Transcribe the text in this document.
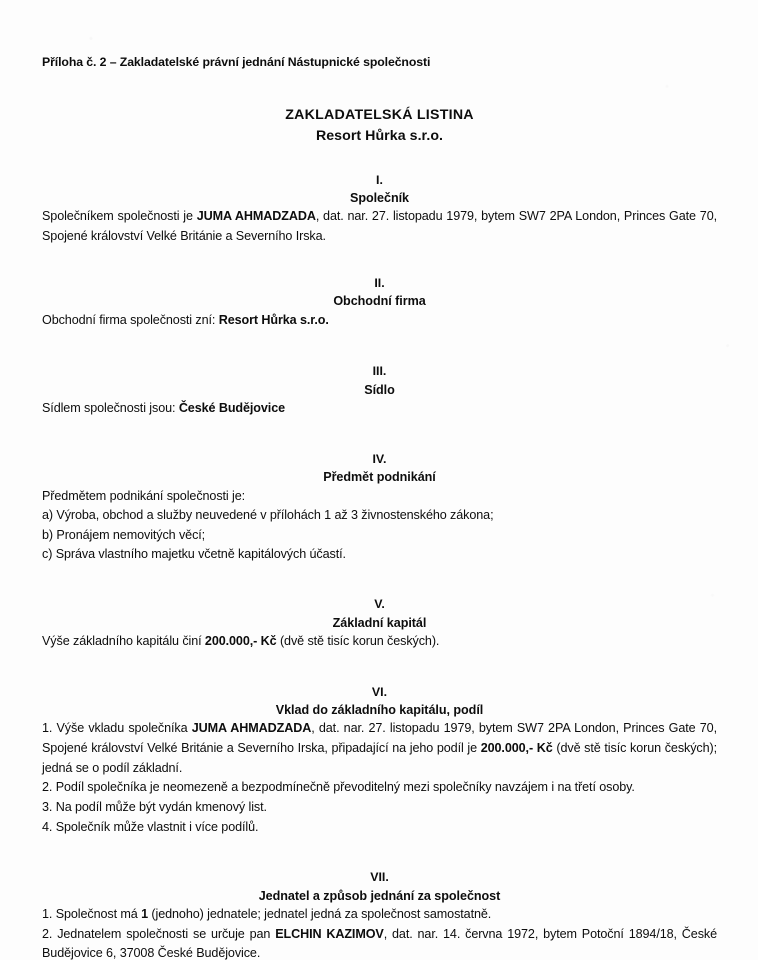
Příloha č. 2 – Zakladatelské právní jednání Nástupnické společnosti
ZAKLADATELSKÁ LISTINA
Resort Hůrka s.r.o.
I.
Společník

Společníkem společnosti je JUMA AHMADZADA, dat. nar. 27. listopadu 1979, bytem SW7 2PA London, Princes Gate 70, Spojené království Velké Británie a Severního Irska.

II.
Obchodní firma

Obchodní firma společnosti zní: Resort Hůrka s.r.o.

III.
Sídlo

Sídlem společnosti jsou: České Budějovice

IV.
Předmět podnikání

Předmětem podnikání společnosti je:

a) Výroba, obchod a služby neuvedené v přílohách 1 až 3 živnostenského zákona;

b) Pronájem nemovitých věcí;

c) Správa vlastního majetku včetně kapitálových účastí.

V.
Základní kapitál

Výše základního kapitálu činí 200.000,- Kč (dvě stě tisíc korun českých).

VI.
Vklad do základního kapitálu, podíl

1. Výše vkladu společníka JUMA AHMADZADA, dat. nar. 27. listopadu 1979, bytem SW7 2PA London, Princes Gate 70, Spojené království Velké Británie a Severního Irska, připadající na jeho podíl je 200.000,- Kč (dvě stě tisíc korun českých); jedná se o podíl základní.

2. Podíl společníka je neomezeně a bezpodmínečně převoditelný mezi společníky navzájem i na třetí osoby.

3. Na podíl může být vydán kmenový list.

4. Společník může vlastnit i více podílů.

VII.
Jednatel a způsob jednání za společnost

1. Společnost má 1 (jednoho) jednatele; jednatel jedná za společnost samostatně.

2. Jednatelem společnosti se určuje pan ELCHIN KAZIMOV, dat. nar. 14. června 1972, bytem Potoční 1894/18, České Budějovice 6, 37008 České Budějovice.
